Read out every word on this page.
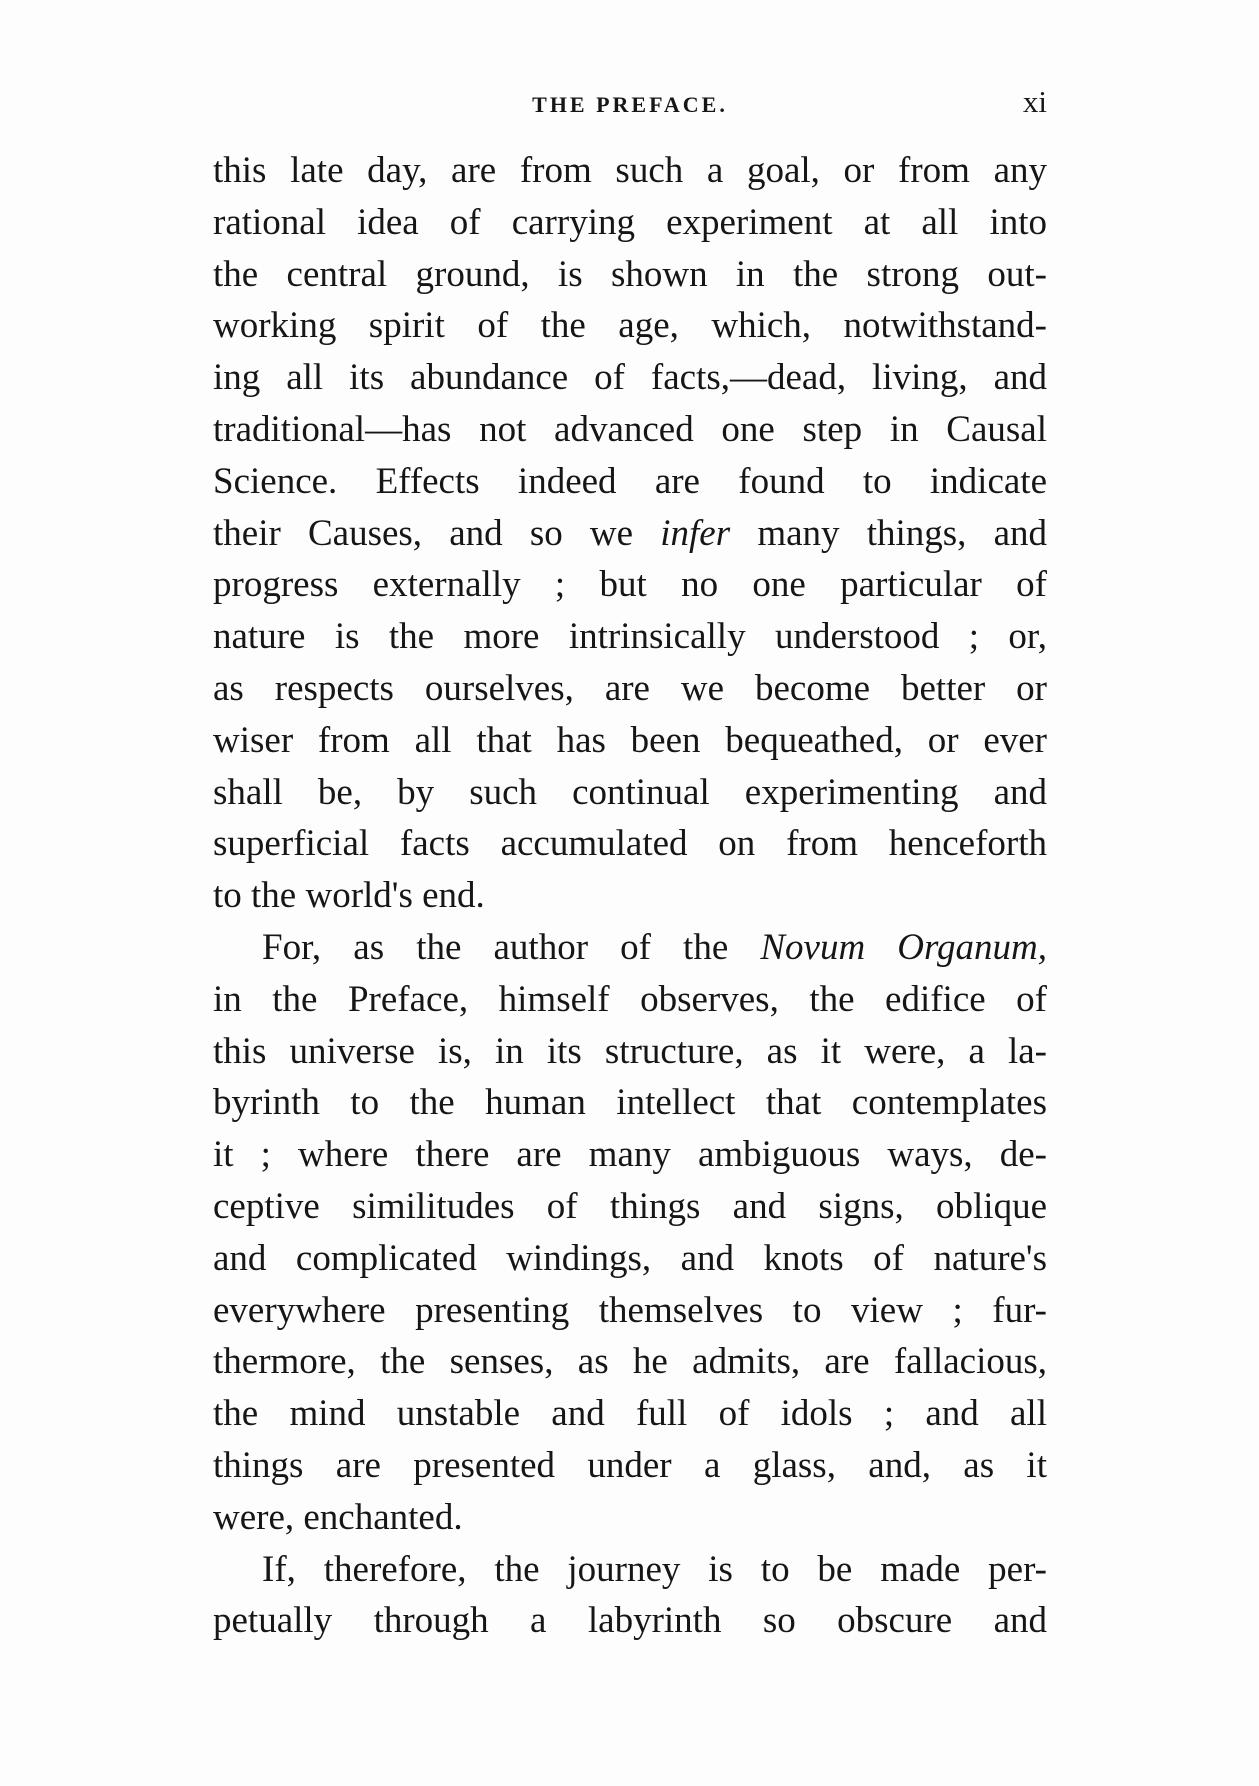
THE PREFACE.	xi
this late day, are from such a goal, or from any
rational idea of carrying experiment at all into
the central ground, is shown in the strong out-
working spirit of the age, which, notwithstand-
ing all its abundance of facts,—dead, living, and
traditional—has not advanced one step in Causal
Science. Effects indeed are found to indicate
their Causes, and so we infer many things, and
progress externally ; but no one particular of
nature is the more intrinsically understood ; or,
as respects ourselves, are we become better or
wiser from all that has been bequeathed, or ever
shall be, by such continual experimenting and
superficial facts accumulated on from henceforth
to the world's end.
For, as the author of the Novum Organum,
in the Preface, himself observes, the edifice of
this universe is, in its structure, as it were, a la-
byrinth to the human intellect that contemplates
it ; where there are many ambiguous ways, de-
ceptive similitudes of things and signs, oblique
and complicated windings, and knots of nature's
everywhere presenting themselves to view ; fur-
thermore, the senses, as he admits, are fallacious,
the mind unstable and full of idols ; and all
things are presented under a glass, and, as it
were, enchanted.
If, therefore, the journey is to be made per-
petually through a labyrinth so obscure and
